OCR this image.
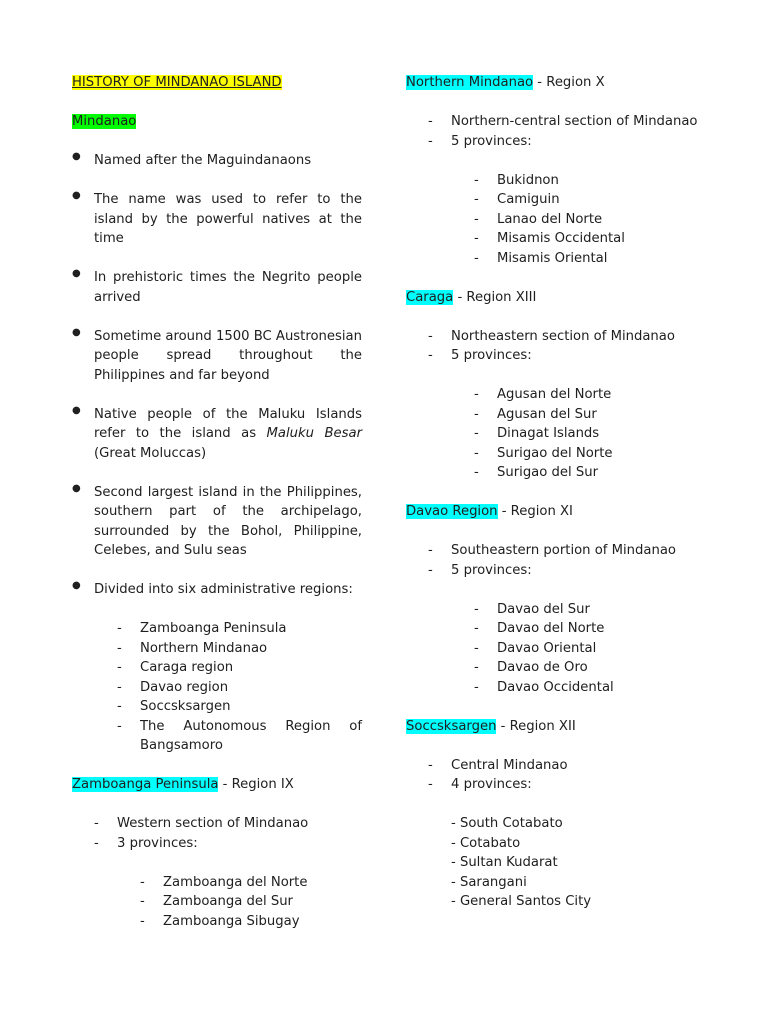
HISTORY OF MINDANAO ISLAND
Mindanao
●	Named after the Maguindanaons
●	The name was used to refer to the island by the powerful natives at the time
●	In prehistoric times the Negrito people arrived
●	Sometime around 1500 BC Austronesian people spread throughout the Philippines and far beyond
●	Native people of the Maluku Islands refer to the island as Maluku Besar (Great Moluccas)
●	Second largest island in the Philippines, southern part of the archipelago, surrounded by the Bohol, Philippine, Celebes, and Sulu seas
●	Divided into six administrative regions:
-	Zamboanga Peninsula
-	Northern Mindanao
-	Caraga region
-	Davao region
-	Soccsksargen
-	The Autonomous Region of Bangsamoro
Zamboanga Peninsula - Region IX
-	Western section of Mindanao
-	3 provinces:
-	Zamboanga del Norte
-	Zamboanga del Sur
-	Zamboanga Sibugay
Northern Mindanao - Region X
-	Northern-central section of Mindanao
-	5 provinces:
-	Bukidnon
-	Camiguin
-	Lanao del Norte
-	Misamis Occidental
-	Misamis Oriental
Caraga - Region XIII
-	Northeastern section of Mindanao
-	5 provinces:
-	Agusan del Norte
-	Agusan del Sur
-	Dinagat Islands
-	Surigao del Norte
-	Surigao del Sur
Davao Region - Region XI
-	Southeastern portion of Mindanao
-	5 provinces:
-	Davao del Sur
-	Davao del Norte
-	Davao Oriental
-	Davao de Oro
-	Davao Occidental
Soccsksargen - Region XII
-	Central Mindanao
-	4 provinces:
- South Cotabato
- Cotabato
- Sultan Kudarat
- Sarangani
- General Santos City
